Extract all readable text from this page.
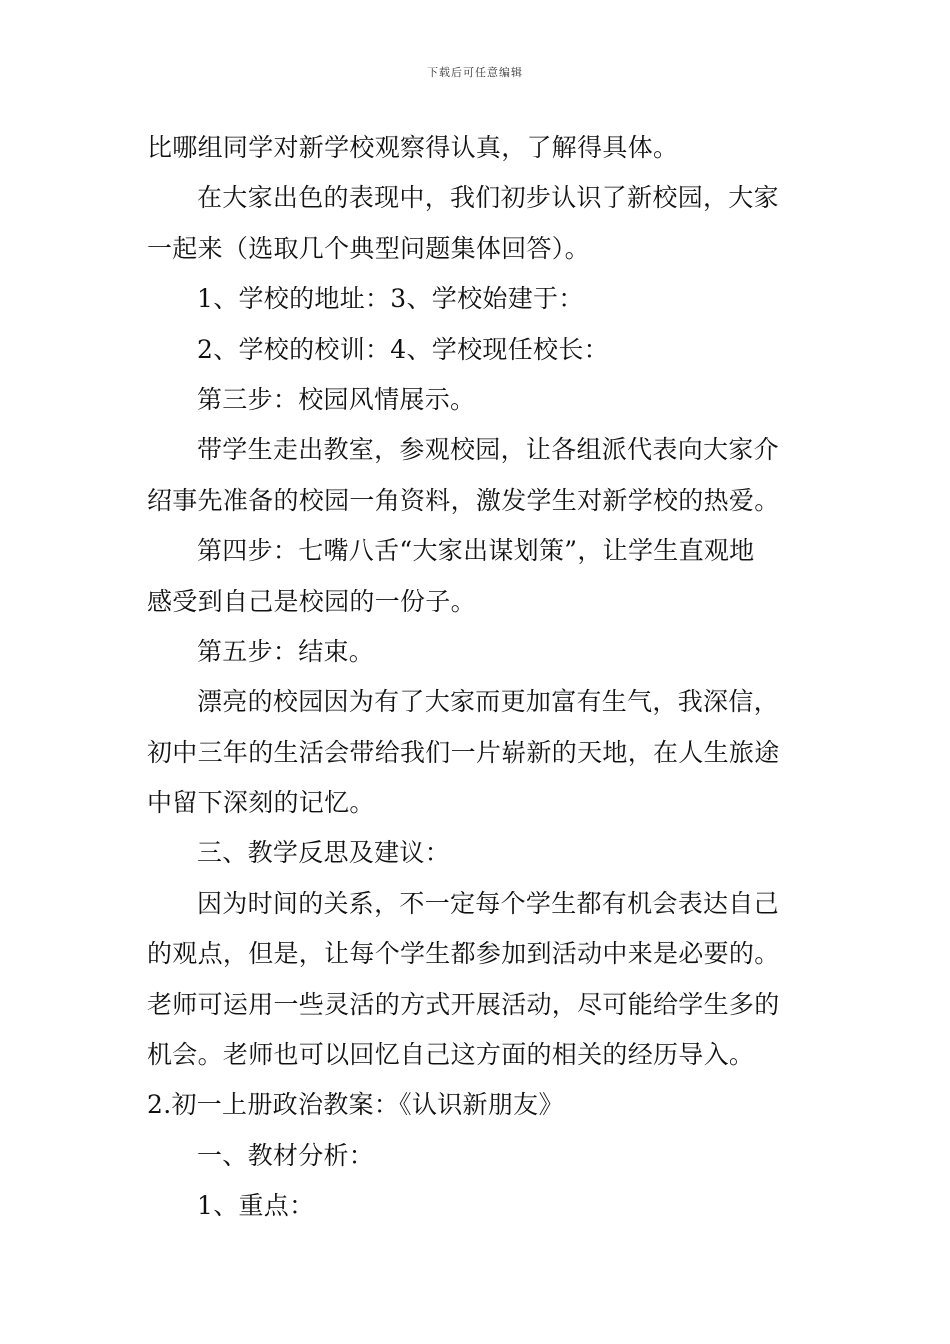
下载后可任意编辑
比哪组同学对新学校观察得认真，了解得具体。
在大家出色的表现中，我们初步认识了新校园，大家
一起来（选取几个典型问题集体回答）。
1、学校的地址：3、学校始建于：
2、学校的校训：4、学校现任校长：
第三步：校园风情展示。
带学生走出教室，参观校园，让各组派代表向大家介
绍事先准备的校园一角资料，激发学生对新学校的热爱。
第四步：七嘴八舌“大家出谋划策”，让学生直观地
感受到自己是校园的一份子。
第五步：结束。
漂亮的校园因为有了大家而更加富有生气，我深信，
初中三年的生活会带给我们一片崭新的天地，在人生旅途
中留下深刻的记忆。
三、教学反思及建议：
因为时间的关系，不一定每个学生都有机会表达自己
的观点，但是，让每个学生都参加到活动中来是必要的。
老师可运用一些灵活的方式开展活动，尽可能给学生多的
机会。老师也可以回忆自己这方面的相关的经历导入。
2.初一上册政治教案：《认识新朋友》
一、教材分析：
1、重点：
